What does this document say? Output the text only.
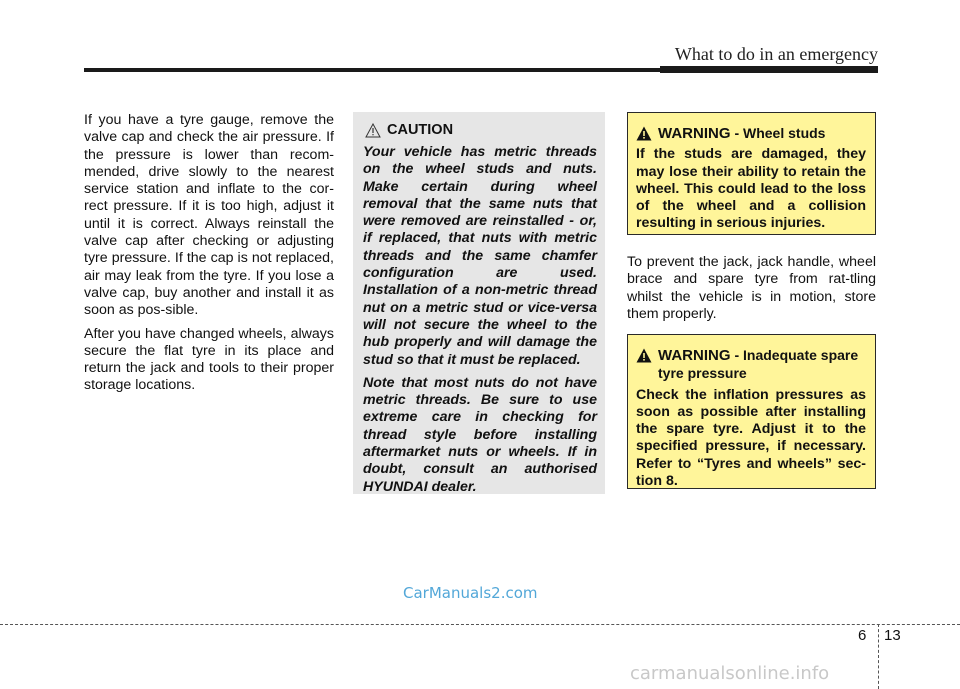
What to do in an emergency

If you have a tyre gauge, remove the valve cap and check the air pressure. If the pressure is lower than recom-mended, drive slowly to the nearest service station and inflate to the cor-rect pressure. If it is too high, adjust it until it is correct. Always reinstall the valve cap after checking or adjusting tyre pressure. If the cap is not replaced, air may leak from the tyre. If you lose a valve cap, buy another and install it as soon as pos-sible.

After you have changed wheels, always secure the flat tyre in its place and return the jack and tools to their proper storage locations.

CAUTION

Your vehicle has metric threads on the wheel studs and nuts. Make certain during wheel removal that the same nuts that were removed are reinstalled - or, if replaced, that nuts with metric threads and the same chamfer configuration are used. Installation of a non-metric thread nut on a metric stud or vice-versa will not secure the wheel to the hub properly and will damage the stud so that it must be replaced.

Note that most nuts do not have metric threads. Be sure to use extreme care in checking for thread style before installing aftermarket nuts or wheels. If in doubt, consult an authorised HYUNDAI dealer.

WARNING - Wheel studs
If the studs are damaged, they may lose their ability to retain the wheel. This could lead to the loss of the wheel and a collision resulting in serious injuries.
To prevent the jack, jack handle, wheel brace and spare tyre from rat-tling whilst the vehicle is in motion, store them properly.
WARNING - Inadequate spare tyre pressure
Check the inflation pressures as soon as possible after installing the spare tyre. Adjust it to the specified pressure, if necessary. Refer to “Tyres and wheels” sec-tion 8.
CarManuals2.com
6 13
carmanualsonline.info
